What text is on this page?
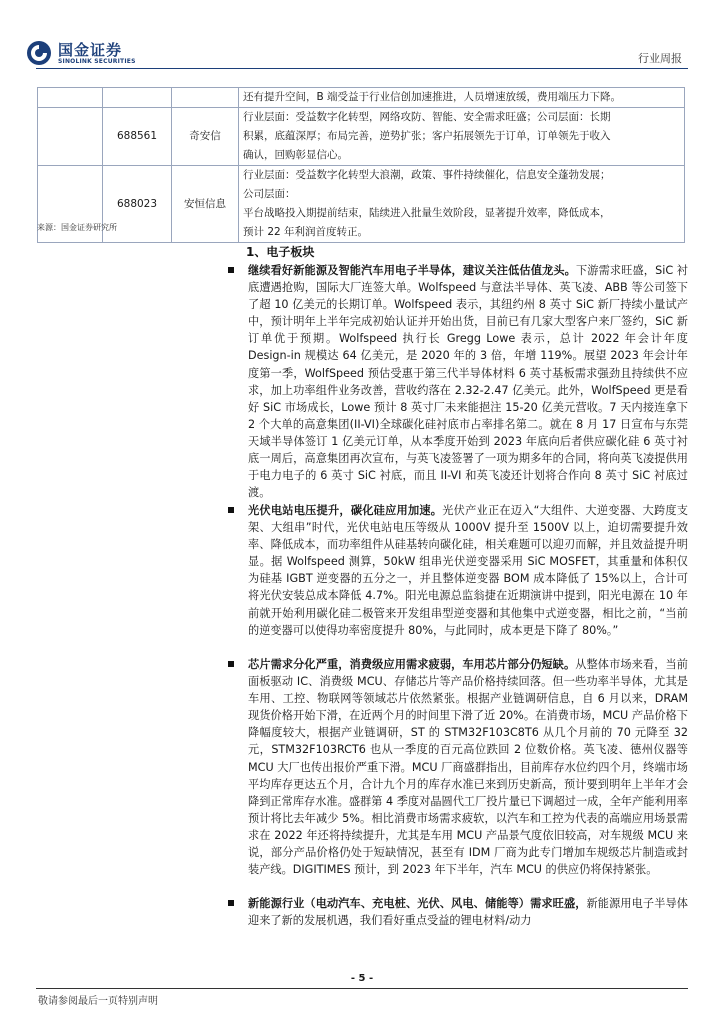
国金证券
SINOLINK SECURITIES	行业周报

			还有提升空间，B 端受益于行业信创加速推进，人员增速放缓，费用端压力下降。

	688561	奇安信	行业层面：受益数字化转型，网络攻防、智能、安全需求旺盛；公司层面：长期
积累，底蕴深厚；布局完善，逆势扩张；客户拓展领先于订单，订单领先于收入
确认，回购彰显信心。

	688023	安恒信息	行业层面：受益数字化转型大浪潮，政策、事件持续催化，信息安全蓬勃发展；
公司层面：
平台战略投入期提前结束，陆续进入批量生效阶段，显著提升效率，降低成本，
预计 22 年利润首度转正。
来源：国金证券研究所
1、电子板块
继续看好新能源及智能汽车用电子半导体，建议关注低估值龙头。下游需求旺盛，SiC 衬底遭遇抢购，国际大厂连签大单。Wolfspeed 与意法半导体、英飞凌、ABB 等公司签下了超 10 亿美元的长期订单。Wolfspeed 表示，其纽约州 8 英寸 SiC 新厂持续小量试产中，预计明年上半年完成初始认证并开始出货，目前已有几家大型客户来厂签约，SiC 新订单优于预期。Wolfspeed 执行长 Gregg Lowe 表示，总计 2022 年会计年度 Design-in 规模达 64 亿美元，是 2020 年的 3 倍，年增 119%。展望 2023 年会计年度第一季，WolfSpeed 预估受惠于第三代半导体材料 6 英寸基板需求强劲且持续供不应求，加上功率组件业务改善，营收约落在 2.32-2.47 亿美元。此外，WolfSpeed 更是看好 SiC 市场成长，Lowe 预计 8 英寸厂未来能挹注 15-20 亿美元营收。7 天内接连拿下 2 个大单的高意集团(II-VI)全球碳化硅衬底市占率排名第二。就在 8 月 17 日宣布与东莞天域半导体签订 1 亿美元订单，从本季度开始到 2023 年底向后者供应碳化硅 6 英寸衬底一周后，高意集团再次宣布，与英飞凌签署了一项为期多年的合同，将向英飞凌提供用于电力电子的 6 英寸 SiC 衬底，而且 II-VI 和英飞凌还计划将合作向 8 英寸 SiC 衬底过渡。
光伏电站电压提升，碳化硅应用加速。光伏产业正在迈入“大组件、大逆变器、大跨度支架、大组串”时代，光伏电站电压等级从 1000V 提升至 1500V 以上，迫切需要提升效率、降低成本，而功率组件从硅基转向碳化硅，相关难题可以迎刃而解，并且效益提升明显。据 Wolfspeed 测算，50kW 组串光伏逆变器采用 SiC MOSFET，其重量和体积仅为硅基 IGBT 逆变器的五分之一，并且整体逆变器 BOM 成本降低了 15%以上，合计可将光伏安装总成本降低 4.7%。阳光电源总监翁捷在近期演讲中提到，阳光电源在 10 年前就开始利用碳化硅二极管来开发组串型逆变器和其他集中式逆变器，相比之前，“当前的逆变器可以使得功率密度提升 80%，与此同时，成本更是下降了 80%。”
芯片需求分化严重，消费级应用需求疲弱，车用芯片部分仍短缺。从整体市场来看，当前面板驱动 IC、消费级 MCU、存储芯片等产品价格持续回落。但一些功率半导体，尤其是车用、工控、物联网等领域芯片依然紧张。根据产业链调研信息，自 6 月以来，DRAM 现货价格开始下滑，在近两个月的时间里下滑了近 20%。在消费市场，MCU 产品价格下降幅度较大，根据产业链调研，ST 的 STM32F103C8T6 从几个月前的 70 元降至 32 元，STM32F103RCT6 也从一季度的百元高位跌回 2 位数价格。英飞凌、德州仪器等 MCU 大厂也传出报价严重下滑。MCU 厂商盛群指出，目前库存水位约四个月，终端市场平均库存更达五个月，合计九个月的库存水准已来到历史新高，预计要到明年上半年才会降到正常库存水准。盛群第 4 季度对晶圆代工厂投片量已下调超过一成，全年产能利用率预计将比去年减少 5%。相比消费市场需求疲软，以汽车和工控为代表的高端应用场景需求在 2022 年还将持续提升，尤其是车用 MCU 产品景气度依旧较高，对车规级 MCU 来说，部分产品价格仍处于短缺情况，甚至有 IDM 厂商为此专门增加车规级芯片制造或封装产线。DIGITIMES 预计，到 2023 年下半年，汽车 MCU 的供应仍将保持紧张。
新能源行业（电动汽车、充电桩、光伏、风电、储能等）需求旺盛，新能源用电子半导体迎来了新的发展机遇，我们看好重点受益的锂电材料/动力
- 5 -
敬请参阅最后一页特别声明
